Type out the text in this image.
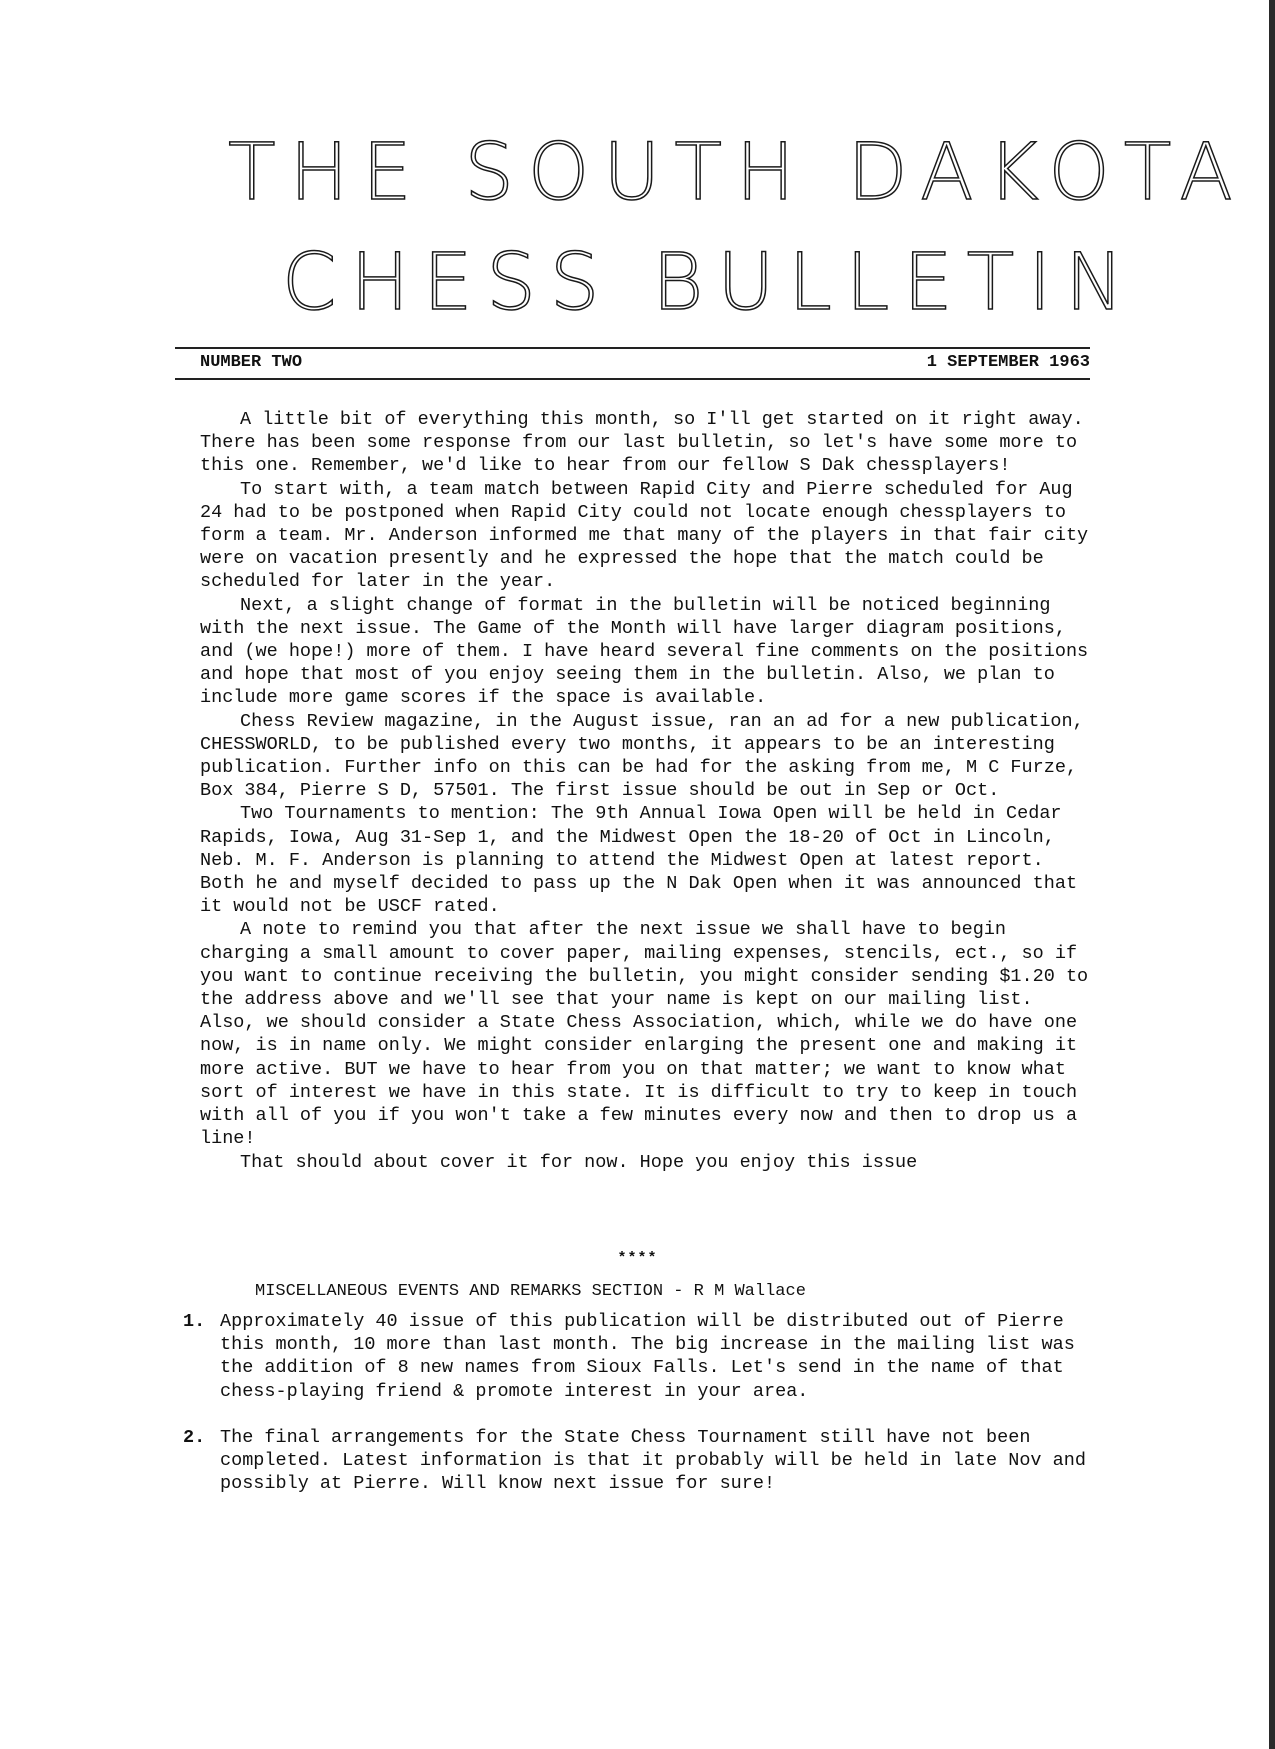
THE SOUTH DAKOTA
CHESS BULLETIN
NUMBER TWO	1 SEPTEMBER 1963

A little bit of everything this month, so I'll get started on it right away. There has been some response from our last bulletin, so let's have some more to this one. Remember, we'd like to hear from our fellow S Dak chessplayers!

To start with, a team match between Rapid City and Pierre scheduled for Aug 24 had to be postponed when Rapid City could not locate enough chessplayers to form a team. Mr. Anderson informed me that many of the players in that fair city were on vacation presently and he expressed the hope that the match could be scheduled for later in the year.

Next, a slight change of format in the bulletin will be noticed beginning with the next issue. The Game of the Month will have larger diagram positions, and (we hope!) more of them. I have heard several fine comments on the positions and hope that most of you enjoy seeing them in the bulletin. Also, we plan to include more game scores if the space is available.

Chess Review magazine, in the August issue, ran an ad for a new publication, CHESSWORLD, to be published every two months, it appears to be an interesting publication. Further info on this can be had for the asking from me, M C Furze, Box 384, Pierre S D, 57501. The first issue should be out in Sep or Oct.

Two Tournaments to mention: The 9th Annual Iowa Open will be held in Cedar Rapids, Iowa, Aug 31-Sep 1, and the Midwest Open the 18-20 of Oct in Lincoln, Neb. M. F. Anderson is planning to attend the Midwest Open at latest report. Both he and myself decided to pass up the N Dak Open when it was announced that it would not be USCF rated.

A note to remind you that after the next issue we shall have to begin charging a small amount to cover paper, mailing expenses, stencils, ect., so if you want to continue receiving the bulletin, you might consider sending $1.20 to the address above and we'll see that your name is kept on our mailing list. Also, we should consider a State Chess Association, which, while we do have one now, is in name only. We might consider enlarging the present one and making it more active. BUT we have to hear from you on that matter; we want to know what sort of interest we have in this state. It is difficult to try to keep in touch with all of you if you won't take a few minutes every now and then to drop us a line!

That should about cover it for now. Hope you enjoy this issue

****
MISCELLANEOUS EVENTS AND REMARKS SECTION - R M Wallace
1. Approximately 40 issue of this publication will be distributed out of Pierre this month, 10 more than last month. The big increase in the mailing list was the addition of 8 new names from Sioux Falls. Let's send in the name of that chess-playing friend & promote interest in your area.
2. The final arrangements for the State Chess Tournament still have not been completed. Latest information is that it probably will be held in late Nov and possibly at Pierre. Will know next issue for sure!
